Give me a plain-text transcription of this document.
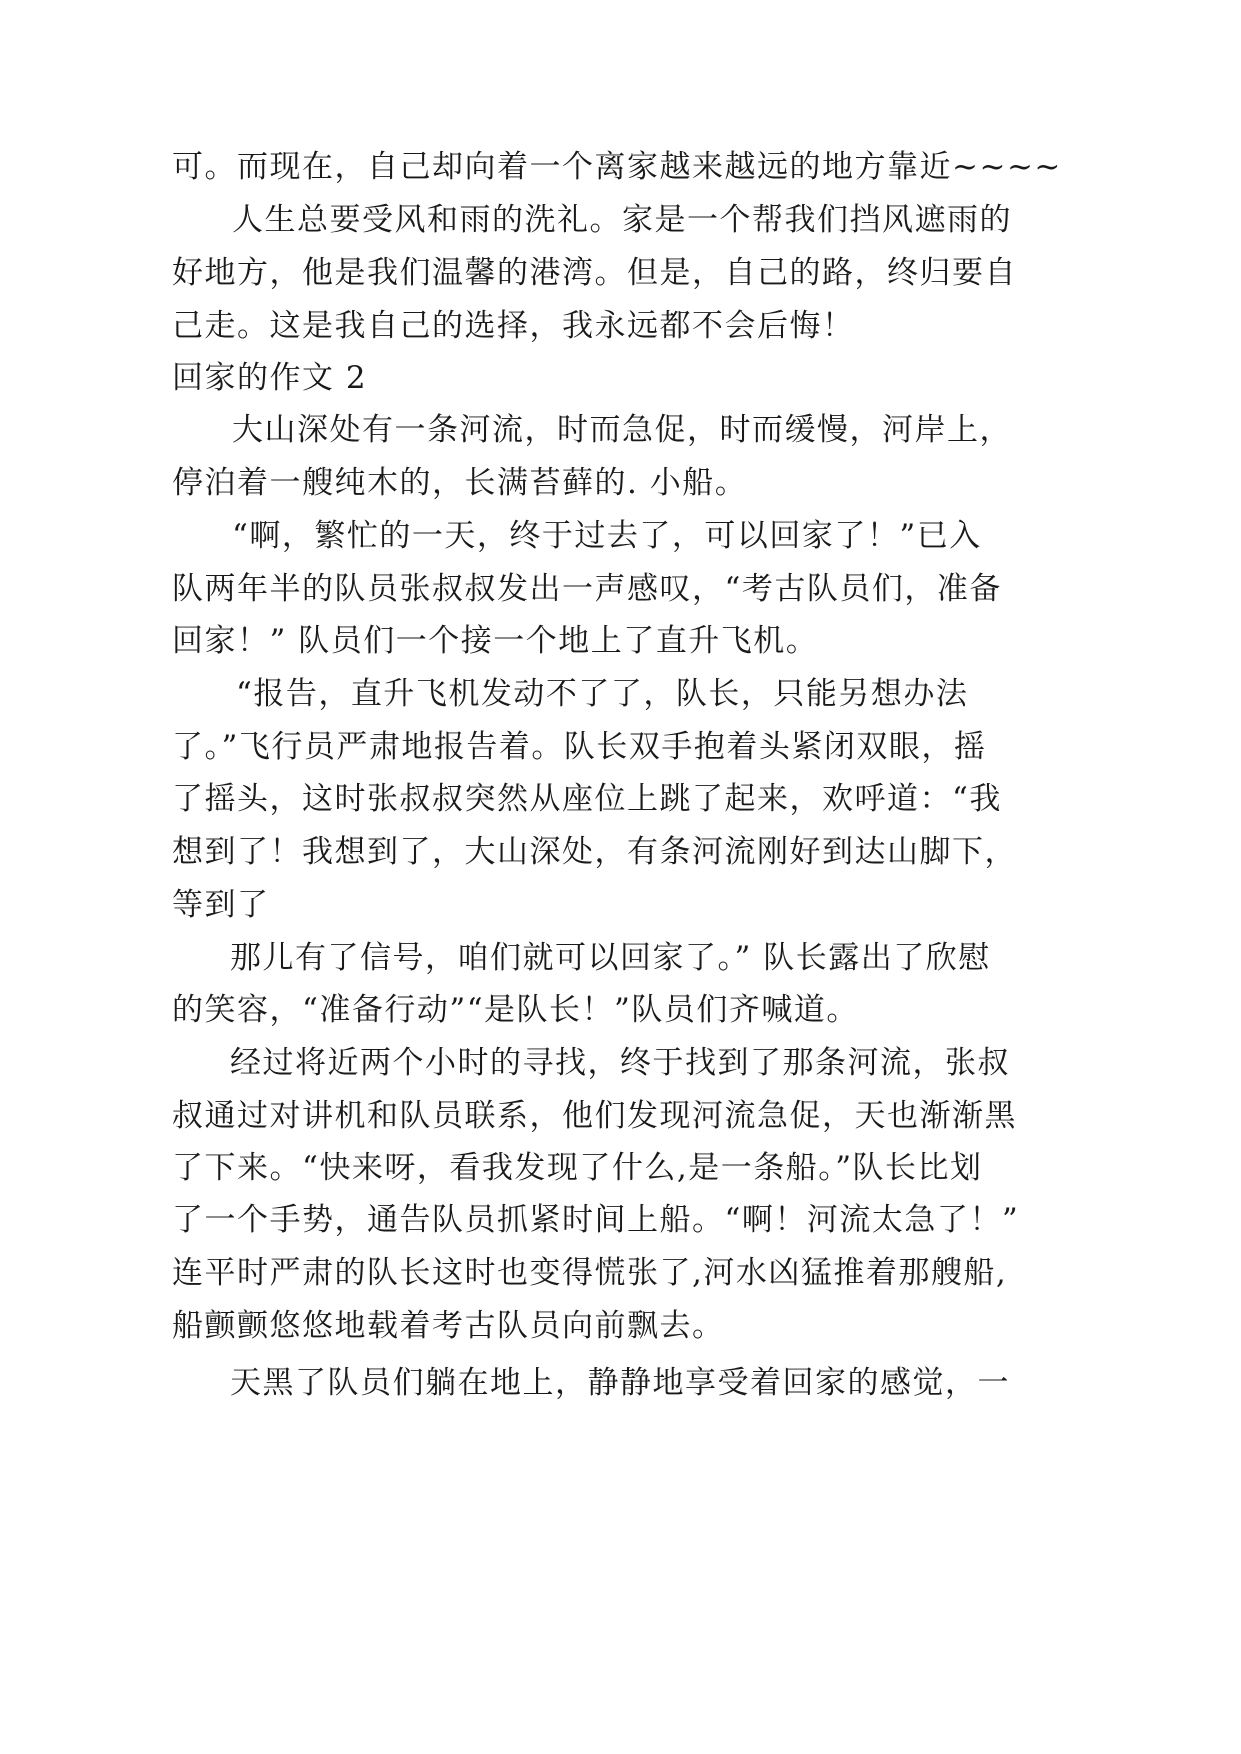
可。而现在，自己却向着一个离家越来越远的地方靠近~~~~
人生总要受风和雨的洗礼。家是一个帮我们挡风遮雨的
好地方，他是我们温馨的港湾。但是，自己的路，终归要自
己走。这是我自己的选择，我永远都不会后悔！
回家的作文 2
大山深处有一条河流，时而急促，时而缓慢，河岸上，
停泊着一艘纯木的，长满苔藓的. 小船。
“啊，繁忙的一天，终于过去了，可以回家了！”已入
队两年半的队员张叔叔发出一声感叹，“考古队员们，准备
回家！” 队员们一个接一个地上了直升飞机。
“报告，直升飞机发动不了了，队长，只能另想办法
了。”飞行员严肃地报告着。队长双手抱着头紧闭双眼，摇
了摇头，这时张叔叔突然从座位上跳了起来，欢呼道：“我
想到了！我想到了，大山深处，有条河流刚好到达山脚下，
等到了
那儿有了信号，咱们就可以回家了。” 队长露出了欣慰
的笑容，“准备行动”“是队长！”队员们齐喊道。
经过将近两个小时的寻找，终于找到了那条河流，张叔
叔通过对讲机和队员联系，他们发现河流急促，天也渐渐黑
了下来。“快来呀，看我发现了什么,是一条船。”队长比划
了一个手势，通告队员抓紧时间上船。“啊！河流太急了！”
连平时严肃的队长这时也变得慌张了,河水凶猛推着那艘船,
船颤颤悠悠地载着考古队员向前飘去。
天黑了队员们躺在地上，静静地享受着回家的感觉，一
